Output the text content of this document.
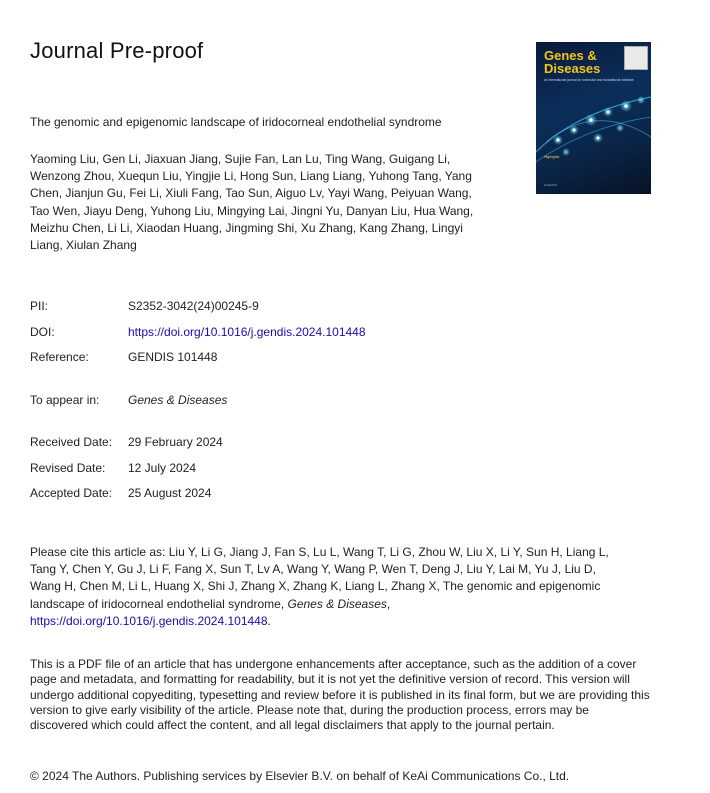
Journal Pre-proof	Genes &
Diseases
An international journal for molecular and translational medicine
Highlights
ELSEVIER
The genomic and epigenomic landscape of iridocorneal endothelial syndrome
Yaoming Liu, Gen Li, Jiaxuan Jiang, Sujie Fan, Lan Lu, Ting Wang, Guigang Li,
Wenzong Zhou, Xuequn Liu, Yingjie Li, Hong Sun, Liang Liang, Yuhong Tang, Yang
Chen, Jianjun Gu, Fei Li, Xiuli Fang, Tao Sun, Aiguo Lv, Yayi Wang, Peiyuan Wang,
Tao Wen, Jiayu Deng, Yuhong Liu, Mingying Lai, Jingni Yu, Danyan Liu, Hua Wang,
Meizhu Chen, Li Li, Xiaodan Huang, Jingming Shi, Xu Zhang, Kang Zhang, Lingyi
Liang, Xiulan Zhang
PII:	S2352-3042(24)00245-9
DOI:	https://doi.org/10.1016/j.gendis.2024.101448
Reference:	GENDIS 101448
To appear in: Genes & Diseases
Received Date: 29 February 2024
Revised Date: 12 July 2024
Accepted Date: 25 August 2024
Please cite this article as: Liu Y, Li G, Jiang J, Fan S, Lu L, Wang T, Li G, Zhou W, Liu X, Li Y, Sun H, Liang L, Tang Y, Chen Y, Gu J, Li F, Fang X, Sun T, Lv A, Wang Y, Wang P, Wen T, Deng J, Liu Y, Lai M, Yu J, Liu D, Wang H, Chen M, Li L, Huang X, Shi J, Zhang X, Zhang K, Liang L, Zhang X, The genomic and epigenomic landscape of iridocorneal endothelial syndrome, Genes & Diseases, https://doi.org/10.1016/j.gendis.2024.101448.
This is a PDF file of an article that has undergone enhancements after acceptance, such as the addition of a cover page and metadata, and formatting for readability, but it is not yet the definitive version of record. This version will undergo additional copyediting, typesetting and review before it is published in its final form, but we are providing this version to give early visibility of the article. Please note that, during the production process, errors may be discovered which could affect the content, and all legal disclaimers that apply to the journal pertain.
© 2024 The Authors. Publishing services by Elsevier B.V. on behalf of KeAi Communications Co., Ltd.
